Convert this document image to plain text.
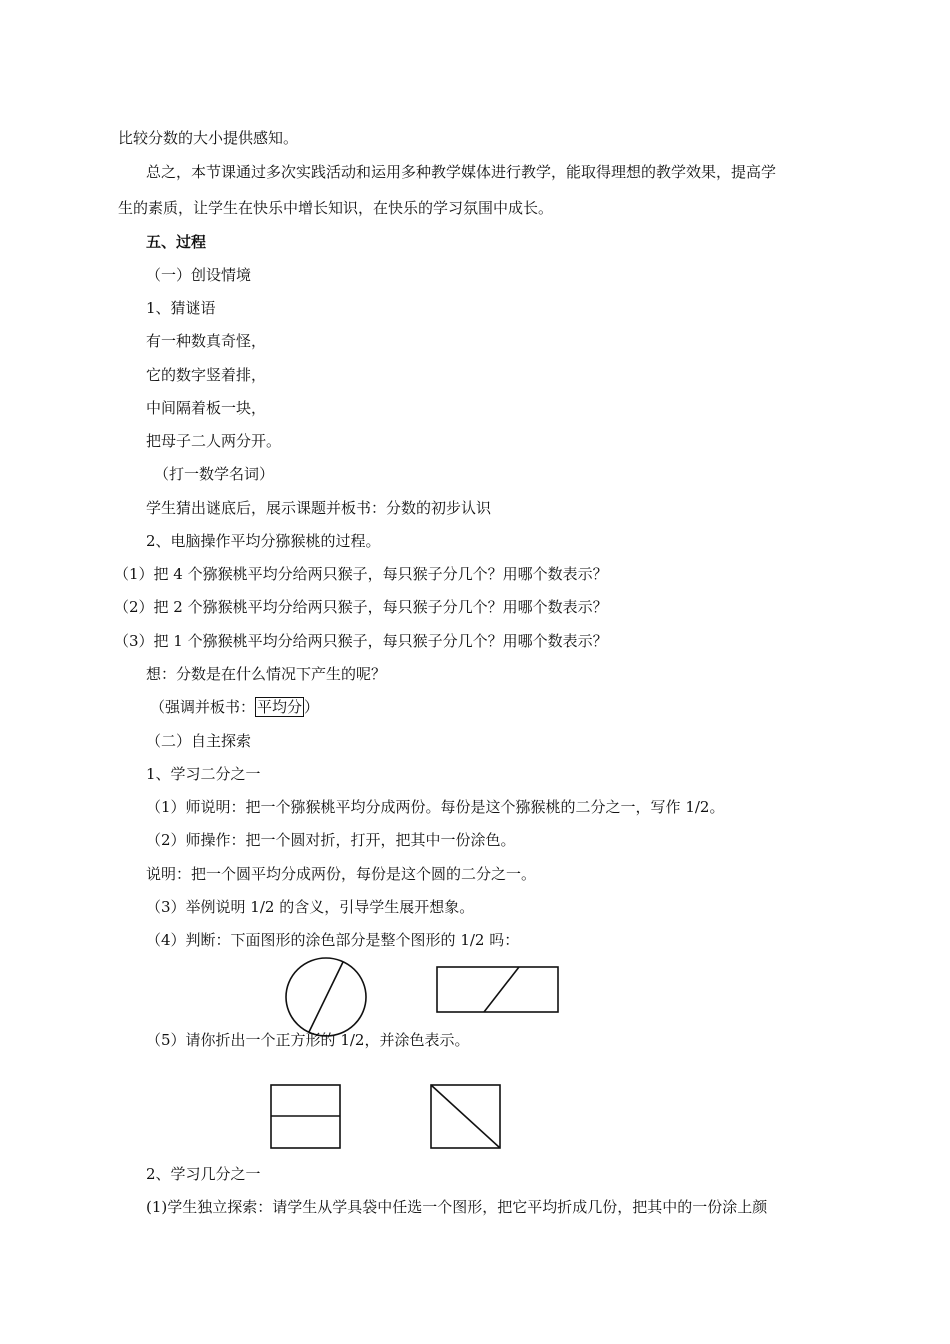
比较分数的大小提供感知。
总之，本节课通过多次实践活动和运用多种教学媒体进行教学，能取得理想的教学效果，提高学
生的素质，让学生在快乐中增长知识，在快乐的学习氛围中成长。
五、过程
（一）创设情境
1、猜谜语
有一种数真奇怪，
它的数字竖着排，
中间隔着板一块，
把母子二人两分开。
（打一数学名词）
学生猜出谜底后，展示课题并板书：分数的初步认识
2、电脑操作平均分猕猴桃的过程。
（1）把 4 个猕猴桃平均分给两只猴子，每只猴子分几个？用哪个数表示？
（2）把 2 个猕猴桃平均分给两只猴子，每只猴子分几个？用哪个数表示？
（3）把 1 个猕猴桃平均分给两只猴子，每只猴子分几个？用哪个数表示？
想：分数是在什么情况下产生的呢？
（强调并板书： 平均分 ）
（二）自主探索
1、学习二分之一
（1）师说明：把一个猕猴桃平均分成两份。每份是这个猕猴桃的二分之一，写作 1/2。
（2）师操作：把一个圆对折，打开，把其中一份涂色。
说明：把一个圆平均分成两份，每份是这个圆的二分之一。
（3）举例说明 1/2 的含义，引导学生展开想象。
（4）判断：下面图形的涂色部分是整个图形的 1/2 吗：
（5）请你折出一个正方形的 1/2，并涂色表示。
2、学习几分之一
(1)学生独立探索：请学生从学具袋中任选一个图形，把它平均折成几份，把其中的一份涂上颜
